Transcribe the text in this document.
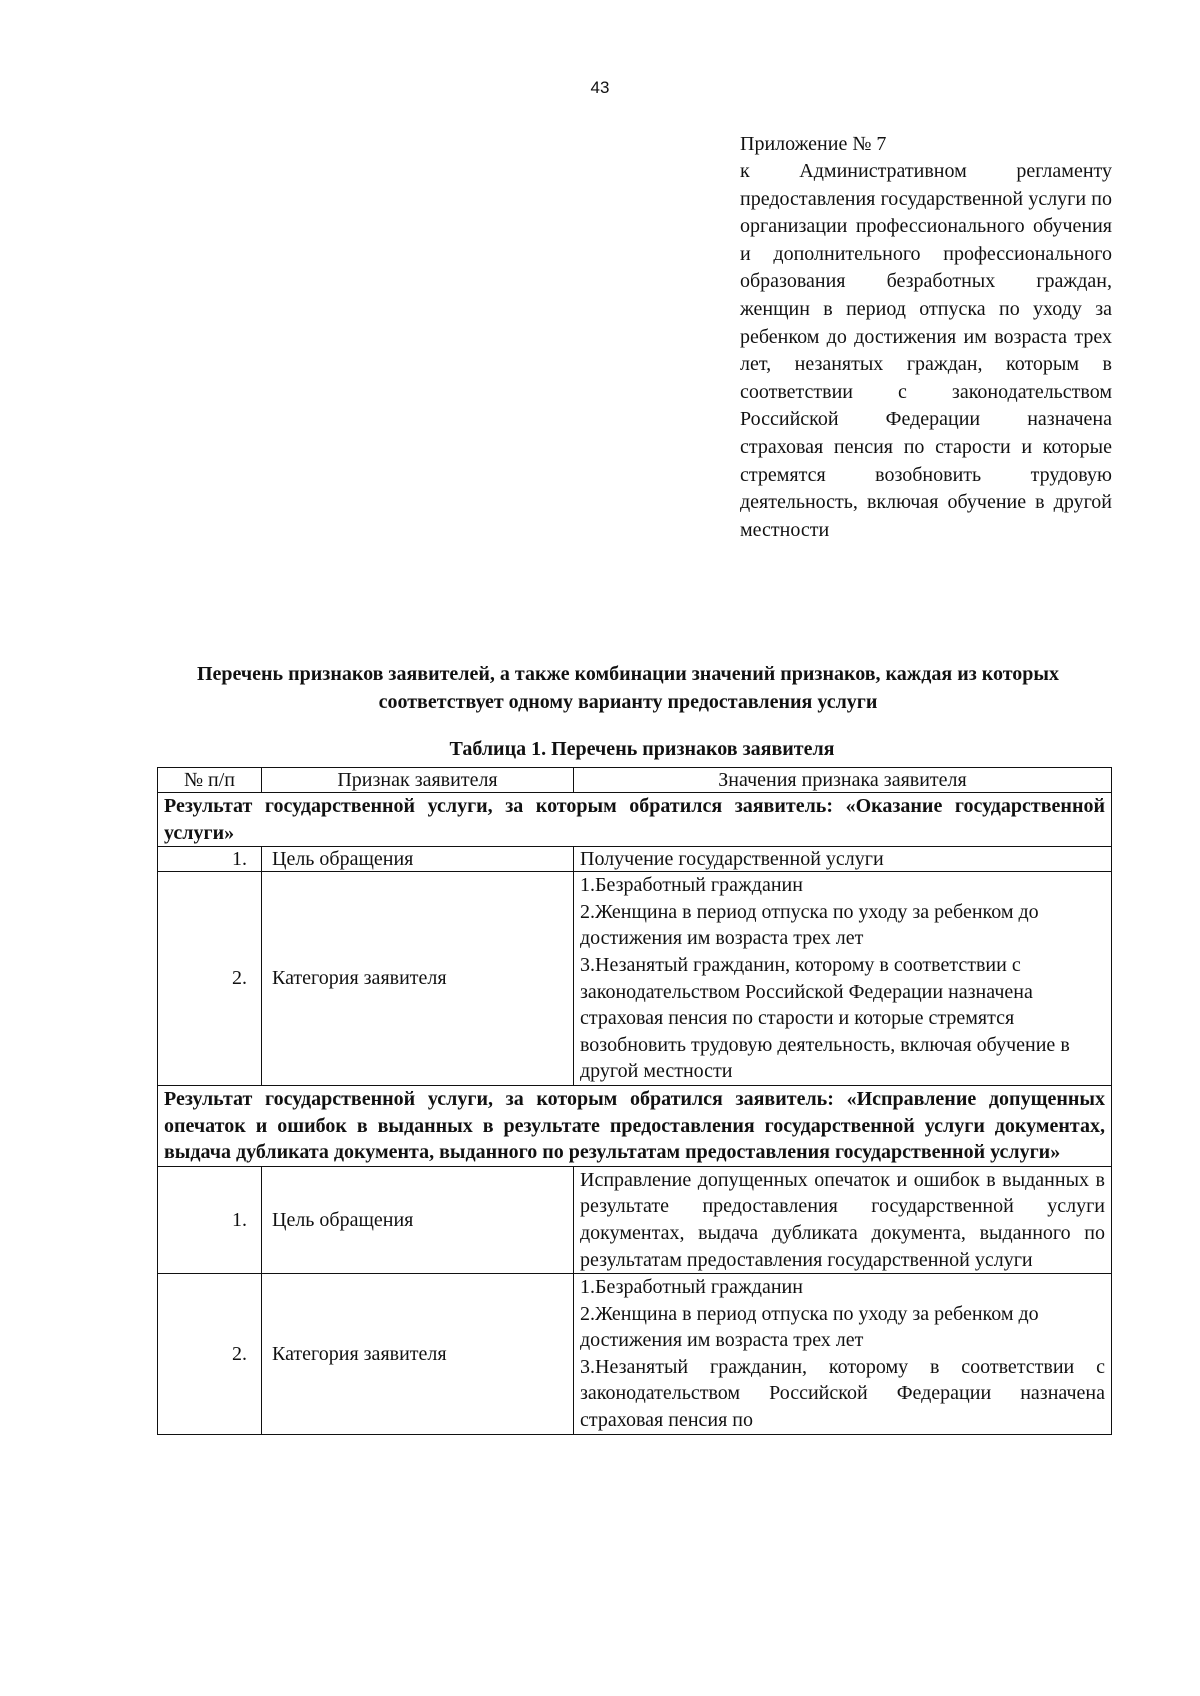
43
Приложение № 7
к Административном регламенту предоставления государственной услуги по организации профессионального обучения и дополнительного профессионального образования безработных граждан, женщин в период отпуска по уходу за ребенком до достижения им возраста трех лет, незанятых граждан, которым в соответствии с законодательством Российской Федерации назначена страховая пенсия по старости и которые стремятся возобновить трудовую деятельность, включая обучение в другой местности
Перечень признаков заявителей, а также комбинации значений признаков, каждая из которых соответствует одному варианту предоставления услуги
Таблица 1. Перечень признаков заявителя
№ п/п	Признак заявителя	Значения признака заявителя
Результат государственной услуги, за которым обратился заявитель: «Оказание государственной услуги»		
1.	Цель обращения	Получение государственной услуги
2.	Категория заявителя	1.Безработный гражданин
2.Женщина в период отпуска по уходу за ребенком до достижения им возраста трех лет
3.Незанятый гражданин, которому в соответствии с законодательством Российской Федерации назначена страховая пенсия по старости и которые стремятся возобновить трудовую деятельность, включая обучение в другой местности

Результат государственной услуги, за которым обратился заявитель: «Исправление допущенных опечаток и ошибок в выданных в результате предоставления государственной услуги документах, выдача дубликата документа, выданного по результатам предоставления государственной услуги»		
1.	Цель обращения	Исправление допущенных опечаток и ошибок в выданных в результате предоставления государственной услуги документах, выдача дубликата документа, выданного по результатам предоставления государственной услуги
2.	Категория заявителя	1.Безработный гражданин
2.Женщина в период отпуска по уходу за ребенком до достижения им возраста трех лет
3.Незанятый гражданин, которому в соответствии с законодательством Российской Федерации назначена страховая пенсия по
